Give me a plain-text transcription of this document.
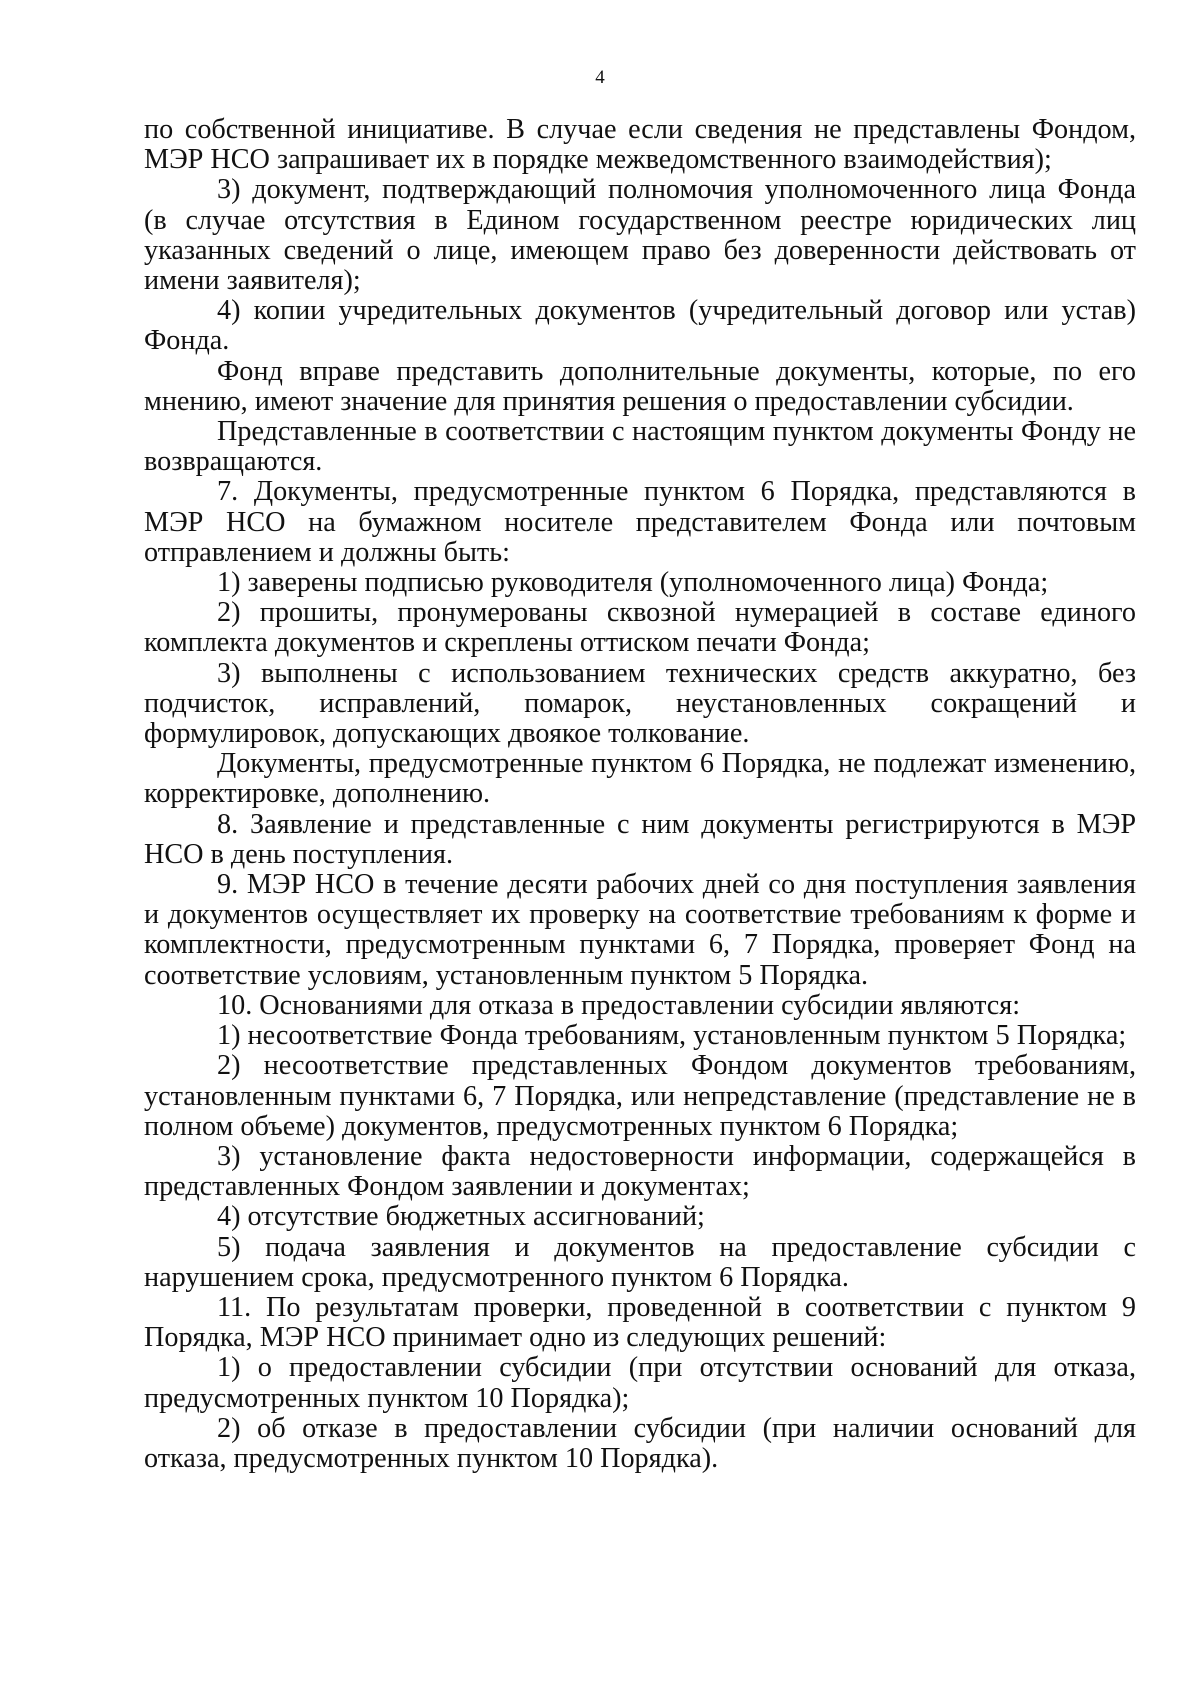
4

по собственной инициативе. В случае если сведения не представлены Фондом, МЭР НСО запрашивает их в порядке межведомственного взаимодействия);

3) документ, подтверждающий полномочия уполномоченного лица Фонда (в случае отсутствия в Едином государственном реестре юридических лиц указанных сведений о лице, имеющем право без доверенности действовать от имени заявителя);

4) копии учредительных документов (учредительный договор или устав) Фонда.

Фонд вправе представить дополнительные документы, которые, по его мнению, имеют значение для принятия решения о предоставлении субсидии.

Представленные в соответствии с настоящим пунктом документы Фонду не возвращаются.

7. Документы, предусмотренные пунктом 6 Порядка, представляются в МЭР НСО на бумажном носителе представителем Фонда или почтовым отправлением и должны быть:

1) заверены подписью руководителя (уполномоченного лица) Фонда;

2) прошиты, пронумерованы сквозной нумерацией в составе единого комплекта документов и скреплены оттиском печати Фонда;

3) выполнены с использованием технических средств аккуратно, без подчисток, исправлений, помарок, неустановленных сокращений и формулировок, допускающих двоякое толкование.

Документы, предусмотренные пунктом 6 Порядка, не подлежат изменению, корректировке, дополнению.

8. Заявление и представленные с ним документы регистрируются в МЭР НСО в день поступления.

9. МЭР НСО в течение десяти рабочих дней со дня поступления заявления и документов осуществляет их проверку на соответствие требованиям к форме и комплектности, предусмотренным пунктами 6, 7 Порядка, проверяет Фонд на соответствие условиям, установленным пунктом 5 Порядка.

10. Основаниями для отказа в предоставлении субсидии являются:

1) несоответствие Фонда требованиям, установленным пунктом 5 Порядка;

2) несоответствие представленных Фондом документов требованиям, установленным пунктами 6, 7 Порядка, или непредставление (представление не в полном объеме) документов, предусмотренных пунктом 6 Порядка;

3) установление факта недостоверности информации, содержащейся в представленных Фондом заявлении и документах;

4) отсутствие бюджетных ассигнований;

5) подача заявления и документов на предоставление субсидии с нарушением срока, предусмотренного пунктом 6 Порядка.

11. По результатам проверки, проведенной в соответствии с пунктом 9 Порядка, МЭР НСО принимает одно из следующих решений:

1) о предоставлении субсидии (при отсутствии оснований для отказа, предусмотренных пунктом 10 Порядка);

2) об отказе в предоставлении субсидии (при наличии оснований для отказа, предусмотренных пунктом 10 Порядка).
